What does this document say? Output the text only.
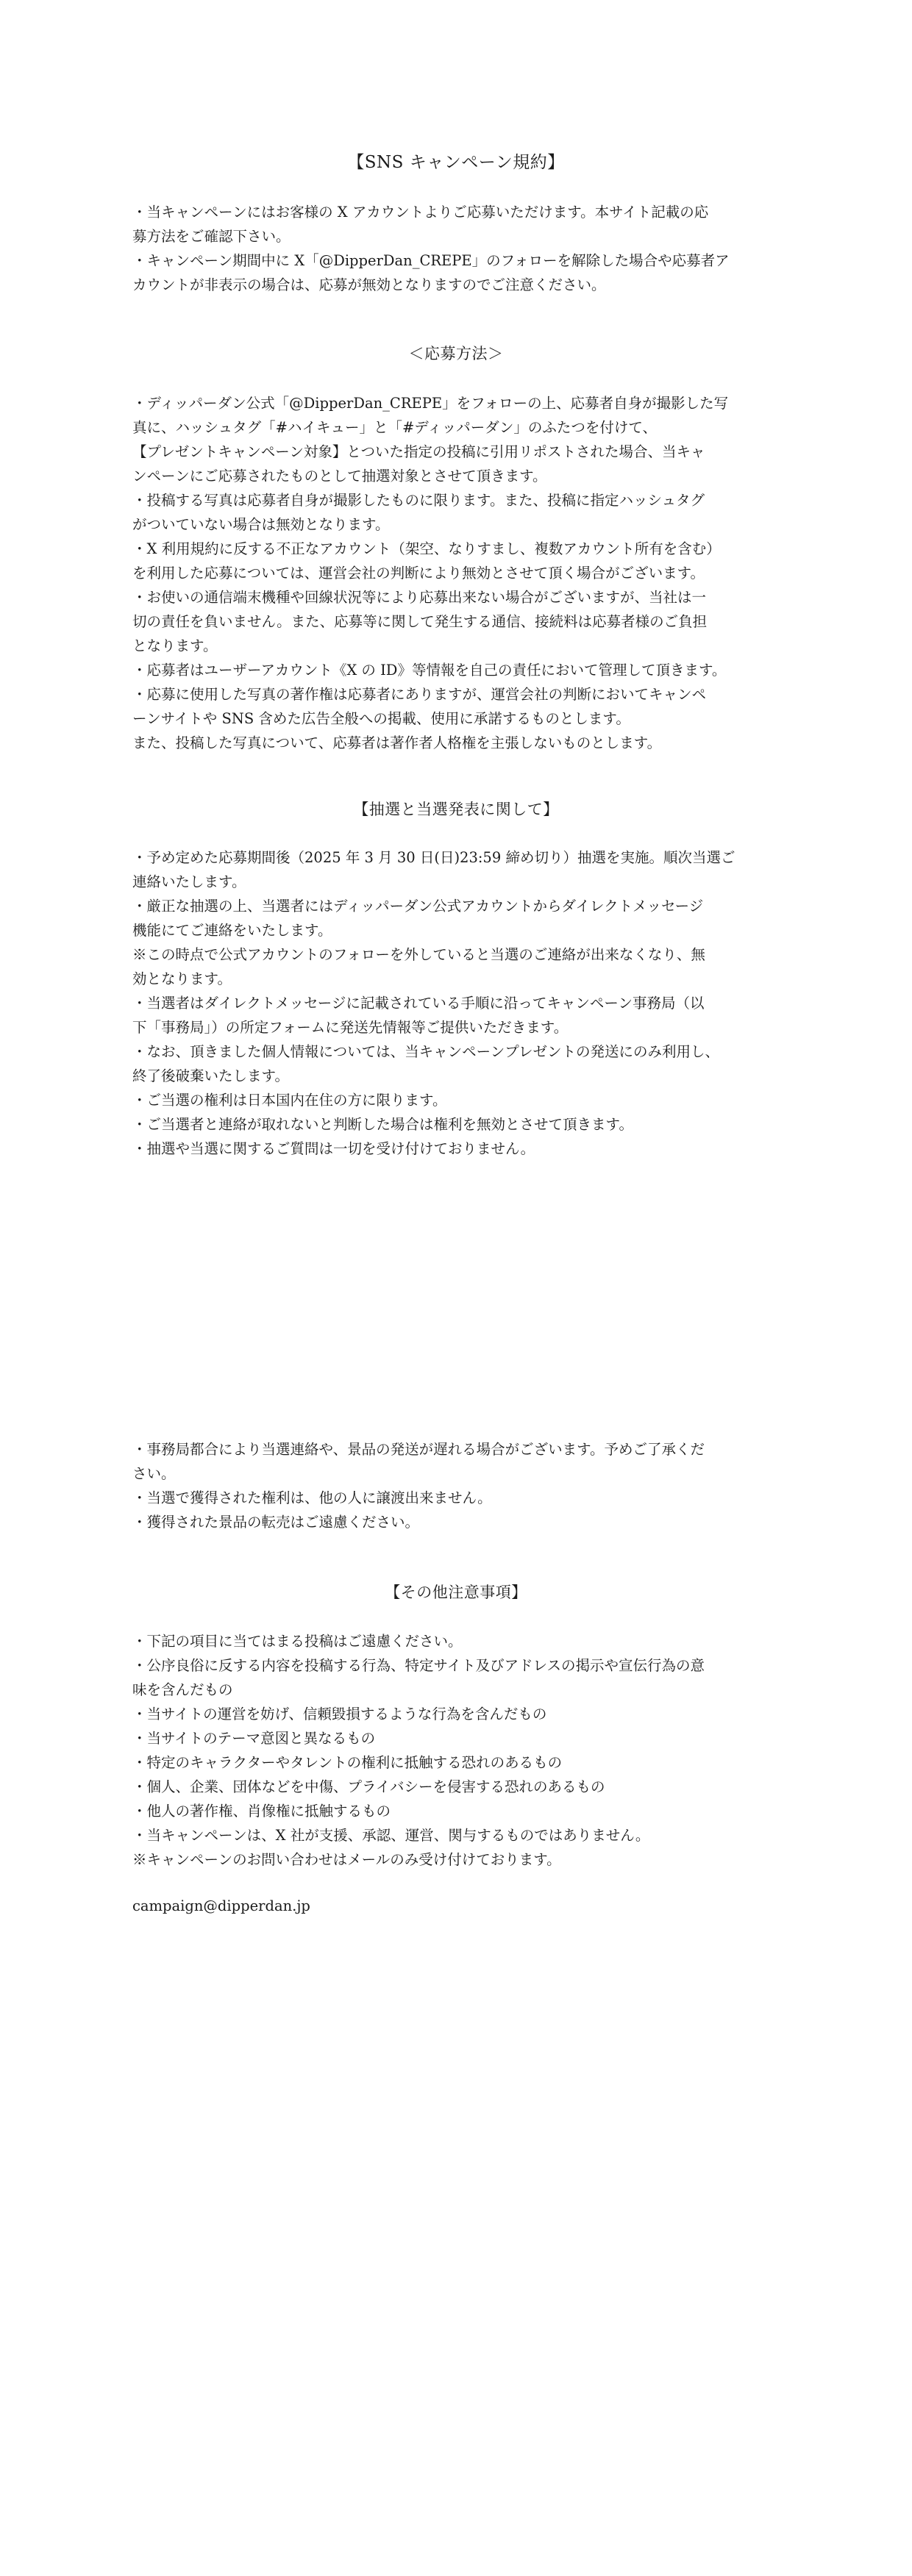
【SNS キャンペーン規約】
・当キャンペーンにはお客様の X アカウントよりご応募いただけます。本サイト記載の応
募方法をご確認下さい。
・キャンペーン期間中に X「@DipperDan_CREPE」のフォローを解除した場合や応募者ア
カウントが非表示の場合は、応募が無効となりますのでご注意ください。
＜応募方法＞
・ディッパーダン公式「@DipperDan_CREPE」をフォローの上、応募者自身が撮影した写
真に、ハッシュタグ「#ハイキュー」と「#ディッパーダン」のふたつを付けて、
【プレゼントキャンペーン対象】とついた指定の投稿に引用リポストされた場合、当キャ
ンペーンにご応募されたものとして抽選対象とさせて頂きます。
・投稿する写真は応募者自身が撮影したものに限ります。また、投稿に指定ハッシュタグ
がついていない場合は無効となります。
・X 利用規約に反する不正なアカウント（架空、なりすまし、複数アカウント所有を含む）
を利用した応募については、運営会社の判断により無効とさせて頂く場合がございます。
・お使いの通信端末機種や回線状況等により応募出来ない場合がございますが、当社は一
切の責任を負いません。また、応募等に関して発生する通信、接続料は応募者様のご負担
となります。
・応募者はユーザーアカウント《X の ID》等情報を自己の責任において管理して頂きます。
・応募に使用した写真の著作権は応募者にありますが、運営会社の判断においてキャンペ
ーンサイトや SNS 含めた広告全般への掲載、使用に承諾するものとします。
また、投稿した写真について、応募者は著作者人格権を主張しないものとします。
【抽選と当選発表に関して】
・予め定めた応募期間後（2025 年 3 月 30 日(日)23:59 締め切り）抽選を実施。順次当選ご
連絡いたします。
・厳正な抽選の上、当選者にはディッパーダン公式アカウントからダイレクトメッセージ
機能にてご連絡をいたします。
※この時点で公式アカウントのフォローを外していると当選のご連絡が出来なくなり、無
効となります。
・当選者はダイレクトメッセージに記載されている手順に沿ってキャンペーン事務局（以
下「事務局」）の所定フォームに発送先情報等ご提供いただきます。
・なお、頂きました個人情報については、当キャンペーンプレゼントの発送にのみ利用し、
終了後破棄いたします。
・ご当選の権利は日本国内在住の方に限ります。
・ご当選者と連絡が取れないと判断した場合は権利を無効とさせて頂きます。
・抽選や当選に関するご質問は一切を受け付けておりません。
・事務局都合により当選連絡や、景品の発送が遅れる場合がございます。予めご了承くだ
さい。
・当選で獲得された権利は、他の人に譲渡出来ません。
・獲得された景品の転売はご遠慮ください。
【その他注意事項】
・下記の項目に当てはまる投稿はご遠慮ください。
・公序良俗に反する内容を投稿する行為、特定サイト及びアドレスの掲示や宣伝行為の意
味を含んだもの
・当サイトの運営を妨げ、信頼毀損するような行為を含んだもの
・当サイトのテーマ意図と異なるもの
・特定のキャラクターやタレントの権利に抵触する恐れのあるもの
・個人、企業、団体などを中傷、プライバシーを侵害する恐れのあるもの
・他人の著作権、肖像権に抵触するもの
・当キャンペーンは、X 社が支援、承認、運営、関与するものではありません。
※キャンペーンのお問い合わせはメールのみ受け付けております。
campaign@dipperdan.jp
